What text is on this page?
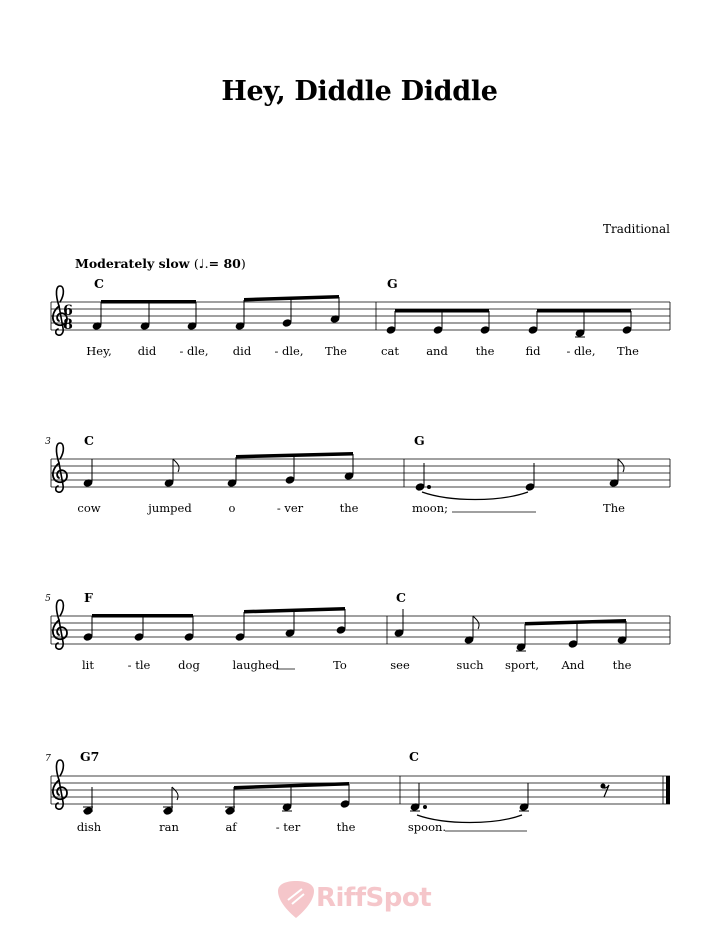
Hey, Diddle Diddle
Traditional
Moderately slow (♩.= 80)
6
8
C	G
Hey, did - dle, did - dle, The	cat and the	fid - dle, The
3	C	G
cow	jumped	o	- ver	the	moon;	The
5	F	C
lit	- tle dog	laughed	To	see	such sport, And the
7 G7	C
dish	ran	af	- ter	the	spoon.
RiffSpot
